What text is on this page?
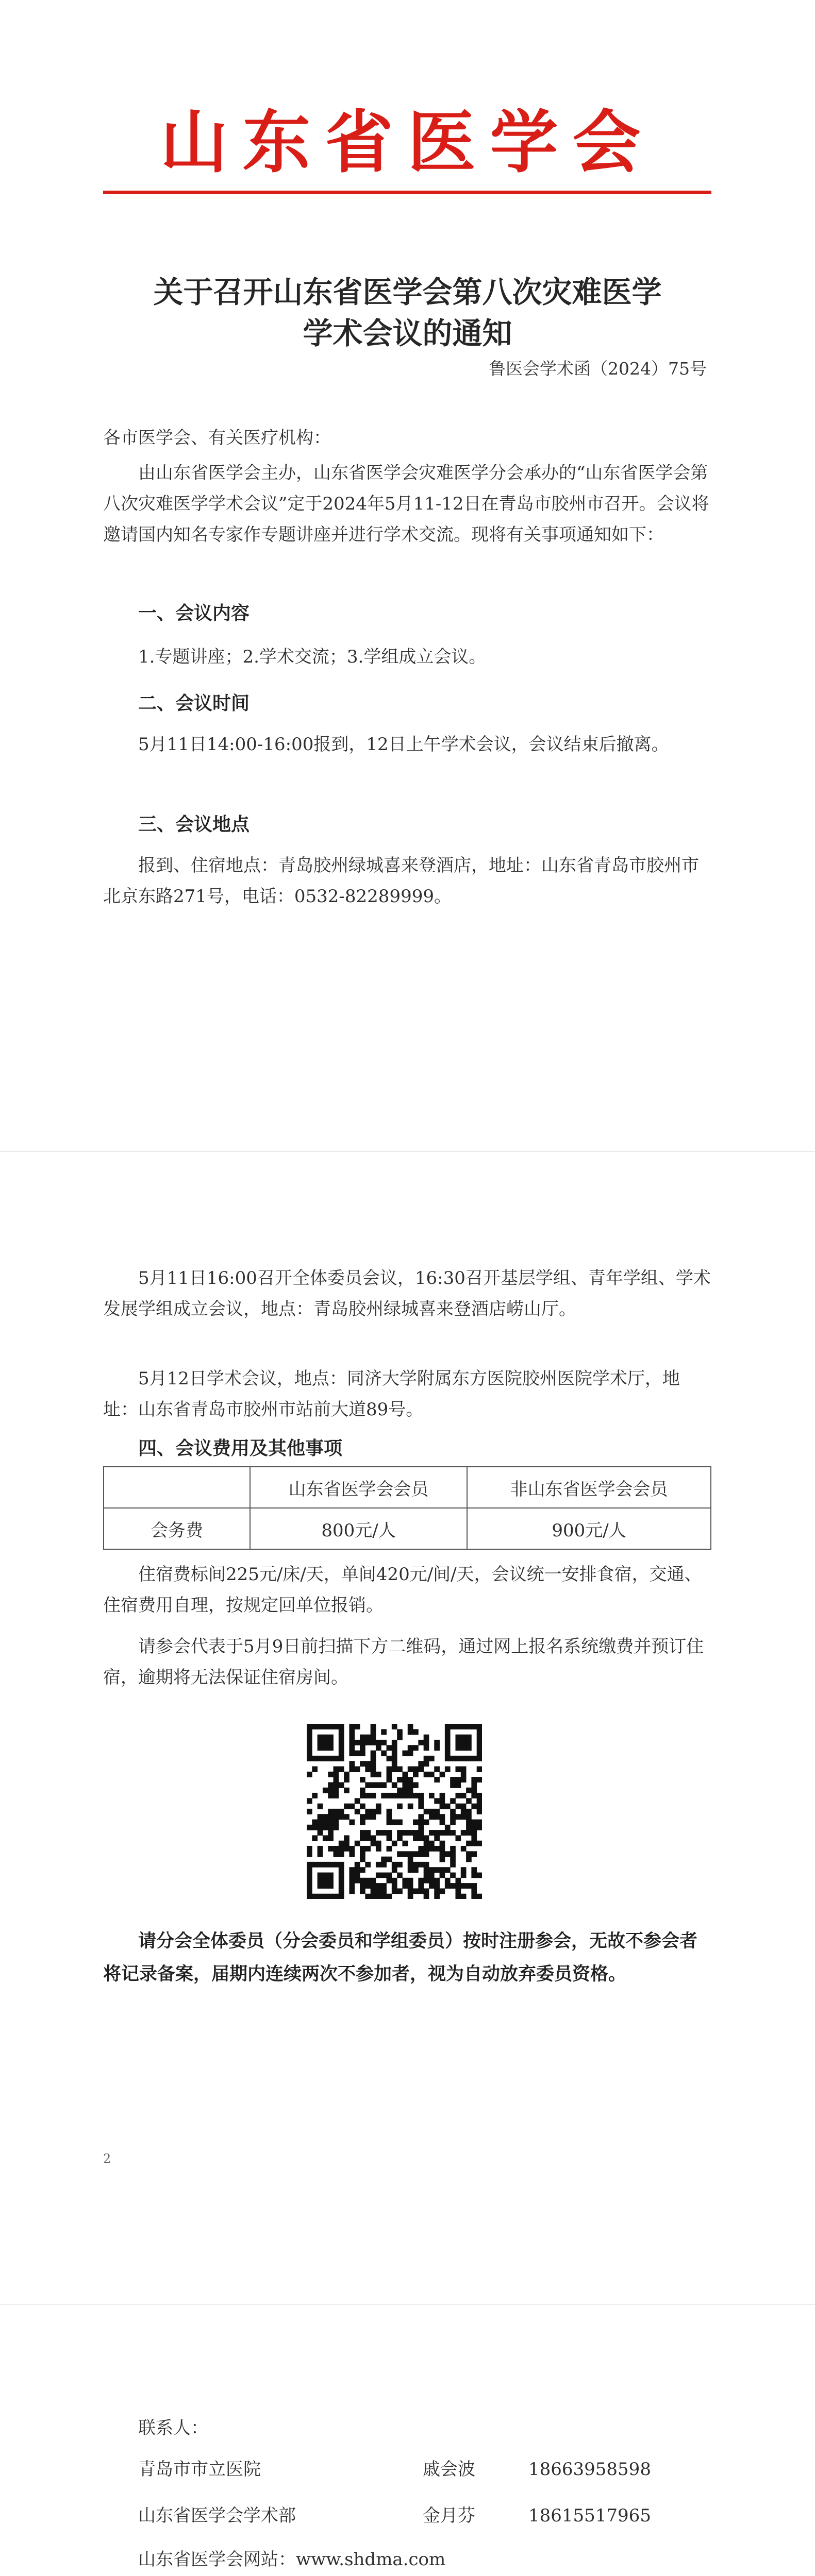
山东省医学会
关于召开山东省医学会第八次灾难医学
学术会议的通知
鲁医会学术函（2024）75号
各市医学会、有关医疗机构：
由山东省医学会主办，山东省医学会灾难医学分会承办的“山东省医学会第八次灾难医学学术会议”定于2024年5月11-12日在青岛市胶州市召开。会议将邀请国内知名专家作专题讲座并进行学术交流。现将有关事项通知如下：
一、会议内容
1.专题讲座；2.学术交流；3.学组成立会议。
二、会议时间
5月11日14:00-16:00报到，12日上午学术会议，会议结束后撤离。
三、会议地点
报到、住宿地点：青岛胶州绿城喜来登酒店，地址：山东省青岛市胶州市北京东路271号，电话：0532-82289999。
5月11日16:00召开全体委员会议，16:30召开基层学组、青年学组、学术发展学组成立会议，地点：青岛胶州绿城喜来登酒店崂山厅。
5月12日学术会议，地点：同济大学附属东方医院胶州医院学术厅，地址：山东省青岛市胶州市站前大道89号。
四、会议费用及其他事项
	山东省医学会会员	非山东省医学会会员
会务费	800元/人	900元/人
住宿费标间225元/床/天，单间420元/间/天，会议统一安排食宿，交通、住宿费用自理，按规定回单位报销。
请参会代表于5月9日前扫描下方二维码，通过网上报名系统缴费并预订住宿，逾期将无法保证住宿房间。
请分会全体委员（分会委员和学组委员）按时注册参会，无故不参会者将记录备案，届期内连续两次不参加者，视为自动放弃委员资格。
2
联系人：
青岛市市立医院	戚会波	18663958598
山东省医学会学术部	金月芬	18615517965
山东省医学会网站：www.shdma.com
